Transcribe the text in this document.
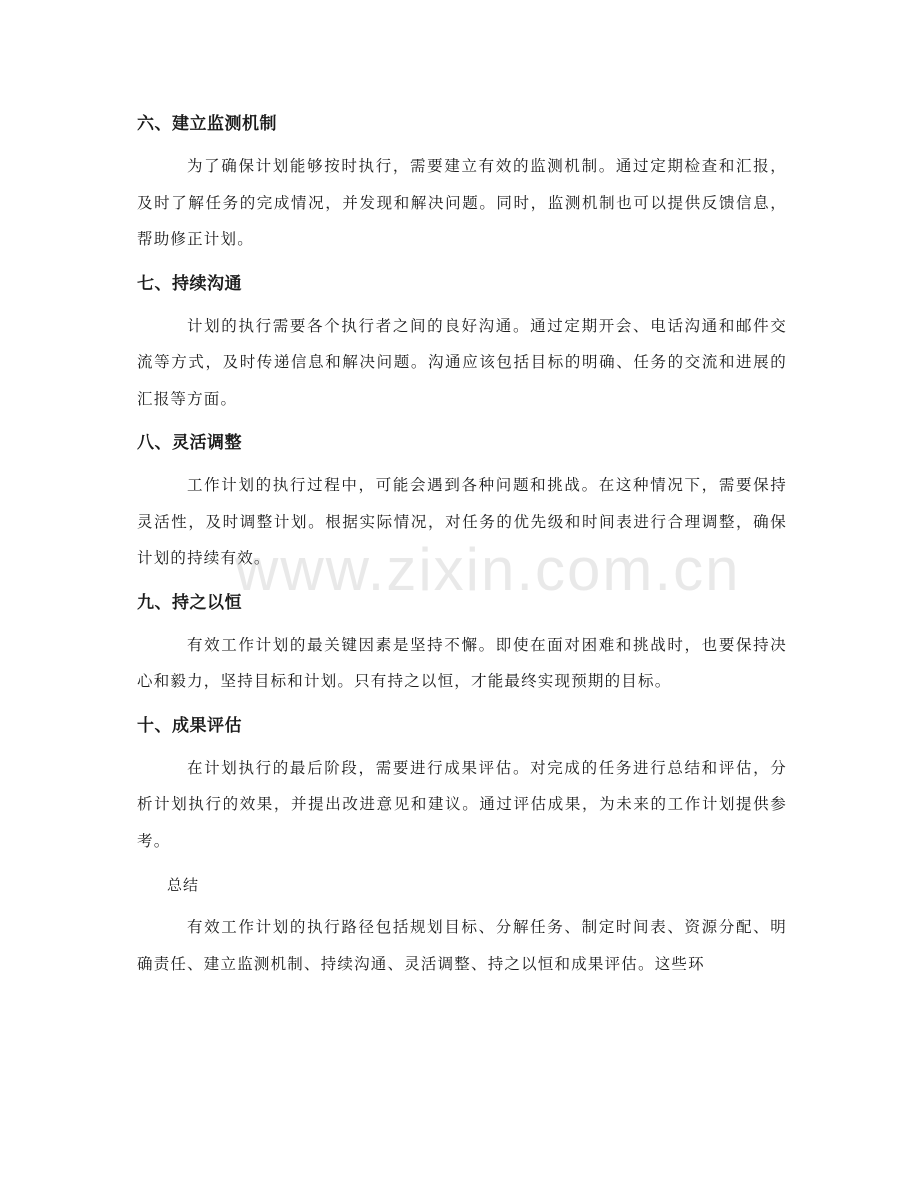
六、建立监测机制

为了确保计划能够按时执行，需要建立有效的监测机制。通过定期检查和汇报，及时了解任务的完成情况，并发现和解决问题。同时，监测机制也可以提供反馈信息，帮助修正计划。

七、持续沟通

计划的执行需要各个执行者之间的良好沟通。通过定期开会、电话沟通和邮件交流等方式，及时传递信息和解决问题。沟通应该包括目标的明确、任务的交流和进展的汇报等方面。

八、灵活调整

工作计划的执行过程中，可能会遇到各种问题和挑战。在这种情况下，需要保持灵活性，及时调整计划。根据实际情况，对任务的优先级和时间表进行合理调整，确保计划的持续有效。

九、持之以恒

有效工作计划的最关键因素是坚持不懈。即使在面对困难和挑战时，也要保持决心和毅力，坚持目标和计划。只有持之以恒，才能最终实现预期的目标。

十、成果评估

在计划执行的最后阶段，需要进行成果评估。对完成的任务进行总结和评估，分析计划执行的效果，并提出改进意见和建议。通过评估成果，为未来的工作计划提供参考。

总结

有效工作计划的执行路径包括规划目标、分解任务、制定时间表、资源分配、明确责任、建立监测机制、持续沟通、灵活调整、持之以恒和成果评估。这些环

www.zixin.com.cn
